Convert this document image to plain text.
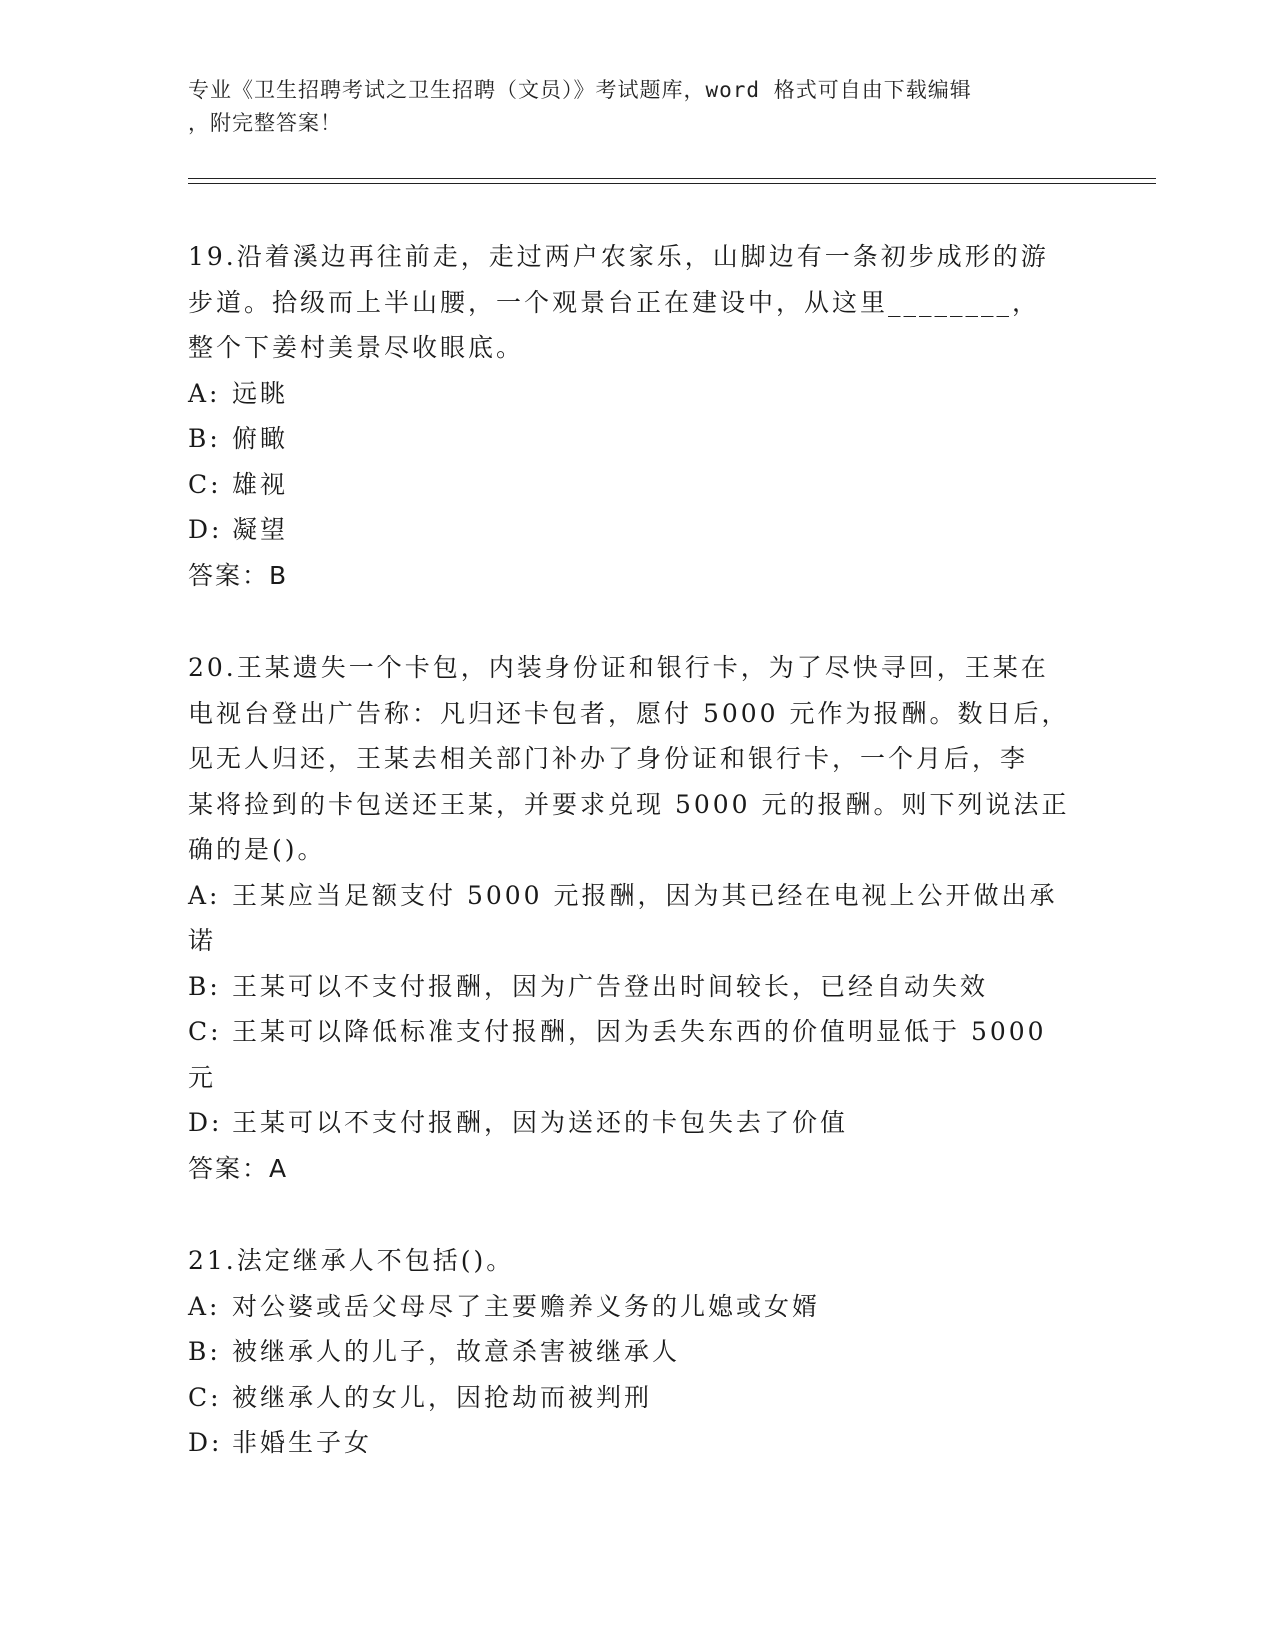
专业《卫生招聘考试之卫生招聘（文员）》考试题库，word 格式可自由下载编辑
，附完整答案！
19.沿着溪边再往前走，走过两户农家乐，山脚边有一条初步成形的游
步道。拾级而上半山腰，一个观景台正在建设中，从这里________，
整个下姜村美景尽收眼底。
A: 远眺
B: 俯瞰
C: 雄视
D: 凝望
答案：B
20.王某遗失一个卡包，内装身份证和银行卡，为了尽快寻回，王某在
电视台登出广告称：凡归还卡包者，愿付 5000 元作为报酬。数日后，
见无人归还，王某去相关部门补办了身份证和银行卡，一个月后，李
某将捡到的卡包送还王某，并要求兑现 5000 元的报酬。则下列说法正
确的是()。
A: 王某应当足额支付 5000 元报酬，因为其已经在电视上公开做出承
诺
B: 王某可以不支付报酬，因为广告登出时间较长，已经自动失效
C: 王某可以降低标准支付报酬，因为丢失东西的价值明显低于 5000
元
D: 王某可以不支付报酬，因为送还的卡包失去了价值
答案：A
21.法定继承人不包括()。
A: 对公婆或岳父母尽了主要赡养义务的儿媳或女婿
B: 被继承人的儿子，故意杀害被继承人
C: 被继承人的女儿，因抢劫而被判刑
D: 非婚生子女
